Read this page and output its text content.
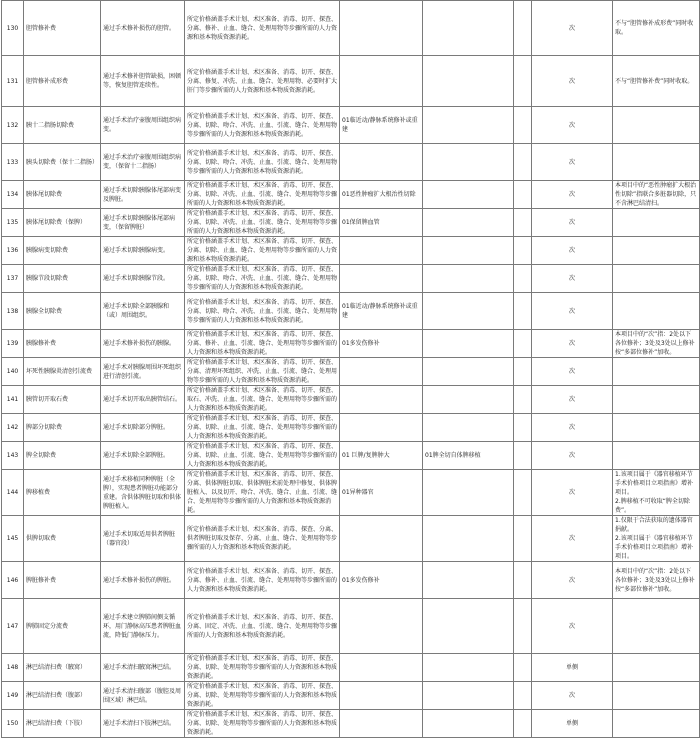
130	胆管修补费	通过手术修补损伤的胆管。	所定价格涵盖手术计划、术区准备、消毒、切开、探查、分离、修补、止血、缝合、处理用物等步骤所需的人力资源和基本物质资源消耗。				次	不与“胆管修补成形费”同时收取。
131	胆管修补成形费	通过手术修补胆管缺损，困顿等，恢复胆管连续性。	所定价格涵盖手术计划、术区准备、消毒、切开、探查、分离、修复、冲洗、止血、缝合、处理用物、必要时扩大肝门等步骤所需的人力资源和基本物质资源消耗。				次	不与“胆管修补费”同时收取。
132	胰十二指肠切除费	通过手术治疗壶腹周围组织病变。	所定价格涵盖手术计划、术区准备、消毒、切开、探查、分离、切除、吻合、冲洗、止血、引流、缝合、处理用物等步骤所需的人力资源和基本物质资源消耗。	01临近动/静脉系统修补或重建			次	
133	胰头切除费（保十二指肠）	通过手术治疗壶腹周围组织病变，（保留十二指肠）	所定价格涵盖手术计划、术区准备、消毒、切开、探查、分离、切除、吻合、冲洗、止血、引流、缝合、处理用物等步骤所需的人力资源和基本物质资源消耗。				次	
134	胰体尾切除费	通过手术切除胰腺体尾部病变及脾脏。	所定价格涵盖手术计划、术区准备、消毒、切开、探查、分离、切除、冲洗、止血、引流、缝合、处理用物等步骤所需的人力资源和基本物质资源消耗。	01恶性肿瘤扩大根治性切除			次	本项目中的“恶性肿瘤扩大根治性切除”指联合多脏器切除，只不含淋巴结清扫。
135	胰体尾切除费（保脾）	通过手术切除胰腺体尾部病变，（保留脾脏）	所定价格涵盖手术计划、术区准备、消毒、切开、探查、分离、切除、冲洗、止血、引流、缝合、处理用物等步骤所需的人力资源和基本物质资源消耗。	01保留脾血管			次	
136	胰腺病变切除费	通过手术切除胰腺病变。	所定价格涵盖手术计划、术区准备、消毒、切开、探查、分离、切除、止血、缝合、处理用物等步骤所需的人力资源和基本物质资源消耗。				次	
137	胰腺节段切除费	通过手术切除胰腺节段。	所定价格涵盖手术计划、术区准备、消毒、切开、探查、分离、切除、吻合、冲洗、止血、引流、缝合、处理用物等步骤所需的人力资源和基本物质资源消耗。				次	
138	胰腺全切除费	通过手术切除全部胰腺和（或）周围组织。	所定价格涵盖手术计划、术区准备、消毒、切开、探查、分离、切除、吻合、冲洗、止血、引流、缝合、处理用物等步骤所需的人力资源和基本物质资源消耗。	01临近动/静脉系统修补或重建			次	
139	胰腺修补费	通过手术修补损伤的胰腺。	所定价格涵盖手术计划、术区准备、消毒、切开、探查、分离、修补、止血、引流、缝合、处理用物等步骤所需的人力资源和基本物质资源消耗。	01多发伤修补			次	本项目中的“次”指：2处以下各位修补；3处及3处以上修补按“多部位修补”加收。
140	坏死性胰腺炎清创引流费	通过手术对胰腺周围坏死组织进行清创引流。	所定价格涵盖手术计划、术区准备、消毒、切开、探查、分离、清理坏死组织、冲洗、止血、引流、缝合、处理用物等步骤所需的人力资源和基本物质资源消耗。				次	
141	胰管切开取石费	通过手术切开取出胰管结石。	所定价格涵盖手术计划、术区准备、消毒、切开、探查、取石、冲洗、止血、引流、缝合、处理用物等步骤所需的人力资源和基本物质资源消耗。				次	
142	脾部分切除费	通过手术切除部分脾脏。	所定价格涵盖手术计划、术区准备、消毒、切开、探查、分离、切除、止血、引流、缝合、处理用物等步骤所需的人力资源和基本物质资源消耗。				次	
143	脾全切除费	通过手术切除全部脾脏。	所定价格涵盖手术计划、术区准备、消毒、切开、探查、分离、切除、止血、引流、缝合、处理用物等步骤所需的人力资源和基本物质资源消耗。	01 巨脾/复脾肿大	01脾全切自体脾移植		次	
144	脾移植费	通过手术移植同种脾脏（全脾），实现患者脾脏功能部分重建。含供体脾脏切取和供体脾脏植入。	所定价格涵盖手术计划、术区准备、消毒、切开、探查、分离、供体脾脏切取、供体脾脏术前处理中修复、供体脾脏植入、以及切开、吻合、冲洗、缝合、止血、引流、缝合、处理用物等步骤所需的人力资源和基本物质资源消耗。	01异种器官			次	1.该项目属于《器官移植环节手术价格项目立项指南》增补项目。
2.脾移植不可收取“脾全切除费”。
145	供脾切取费	通过手术切取适用供者脾脏（器官段）	所定价格涵盖手术计划、术区准备、消毒、探查、分离、供者脾脏切取及保存、分离、止血、缝合、处理用物等步骤所需的人力资源和基本物质资源消耗。				次	1.仅限于合法获取的遗体器官捐献。
2.该项目属于《器官移植环节手术价格项目立项指南》增补项目。
146	脾脏修补费	通过手术修补损伤的脾脏。	所定价格涵盖手术计划、术区准备、消毒、切开、探查、分离、修补、止血、引流、缝合、处理用物等步骤所需的人力资源和基本物质资源消耗。	01多发伤修补			次	本项目中的“次”指：2处以下各位修补；3处及3处以上修补按“多部位修补”加收。
147	脾肺固定分流费	通过手术建立脾肺间侧支循环，用门静脉高压患者脾脏血流，降低门静脉压力。	所定价格涵盖手术计划、术区准备、消毒、切开、探查、分离、固定、冲洗、止血、引流、缝合、处理用物等步骤所需的人力资源和基本物质资源消耗。				次	
148	淋巴结清扫费（腋窝）	通过手术清扫腋窝淋巴结。	所定价格涵盖手术计划、术区准备、消毒、切开、探查、分离、切除、处理用物等步骤所需的人力资源和基本物质资源消耗。				单侧	
149	淋巴结清扫费（腹部）	通过手术清扫腹部（腹腔及周围区域）淋巴结。	所定价格涵盖手术计划、术区准备、消毒、切开、探查、分离、切除、处理用物等步骤所需的人力资源和基本物质资源消耗。				次	
150	淋巴结清扫费（下肢）	通过手术清扫下肢淋巴结。	所定价格涵盖手术计划、术区准备、消毒、切开、探查、分离、切除、处理用物等步骤所需的人力资源和基本物质资源消耗。				单侧	
